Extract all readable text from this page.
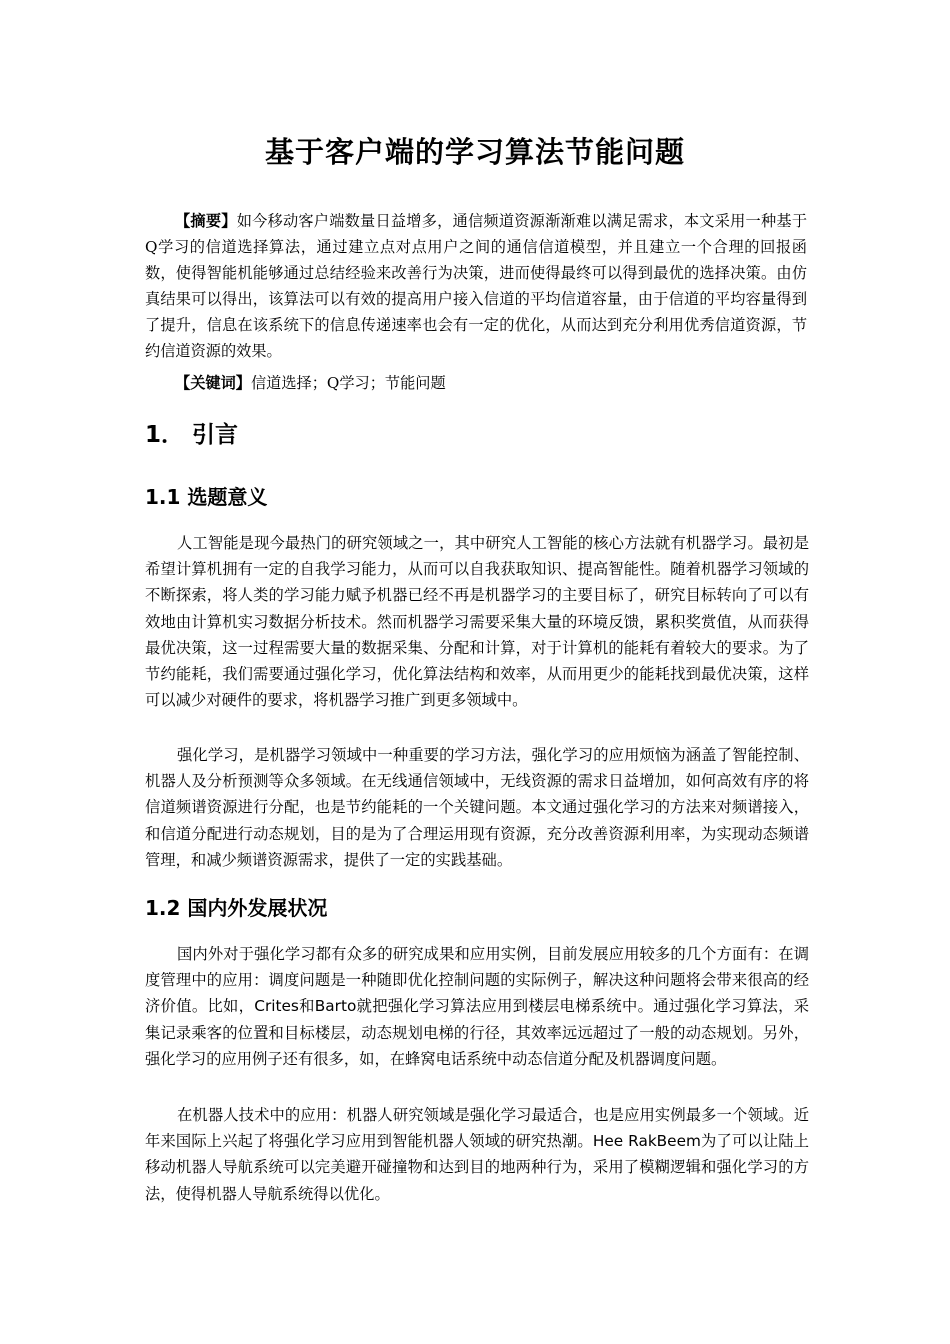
基于客户端的学习算法节能问题

【摘要】如今移动客户端数量日益增多，通信频道资源渐渐难以满足需求，本文采用一种基于Q学习的信道选择算法，通过建立点对点用户之间的通信信道模型，并且建立一个合理的回报函数，使得智能机能够通过总结经验来改善行为决策，进而使得最终可以得到最优的选择决策。由仿真结果可以得出，该算法可以有效的提高用户接入信道的平均信道容量，由于信道的平均容量得到了提升，信息在该系统下的信息传递速率也会有一定的优化，从而达到充分利用优秀信道资源，节约信道资源的效果。

【关键词】信道选择；Q学习；节能问题

1． 引言
1.1 选题意义

人工智能是现今最热门的研究领域之一，其中研究人工智能的核心方法就有机器学习。最初是希望计算机拥有一定的自我学习能力，从而可以自我获取知识、提高智能性。随着机器学习领域的不断探索，将人类的学习能力赋予机器已经不再是机器学习的主要目标了，研究目标转向了可以有效地由计算机实习数据分析技术。然而机器学习需要采集大量的环境反馈，累积奖赏值，从而获得最优决策，这一过程需要大量的数据采集、分配和计算，对于计算机的能耗有着较大的要求。为了节约能耗，我们需要通过强化学习，优化算法结构和效率，从而用更少的能耗找到最优决策，这样可以减少对硬件的要求，将机器学习推广到更多领域中。

强化学习，是机器学习领域中一种重要的学习方法，强化学习的应用烦恼为涵盖了智能控制、机器人及分析预测等众多领域。在无线通信领域中，无线资源的需求日益增加，如何高效有序的将信道频谱资源进行分配，也是节约能耗的一个关键问题。本文通过强化学习的方法来对频谱接入，和信道分配进行动态规划，目的是为了合理运用现有资源，充分改善资源利用率，为实现动态频谱管理，和减少频谱资源需求，提供了一定的实践基础。

1.2 国内外发展状况

国内外对于强化学习都有众多的研究成果和应用实例，目前发展应用较多的几个方面有：在调度管理中的应用：调度问题是一种随即优化控制问题的实际例子，解决这种问题将会带来很高的经济价值。比如，Crites和Barto就把强化学习算法应用到楼层电梯系统中。通过强化学习算法，采集记录乘客的位置和目标楼层，动态规划电梯的行径，其效率远远超过了一般的动态规划。另外，强化学习的应用例子还有很多，如，在蜂窝电话系统中动态信道分配及机器调度问题。

在机器人技术中的应用：机器人研究领域是强化学习最适合，也是应用实例最多一个领域。近年来国际上兴起了将强化学习应用到智能机器人领域的研究热潮。Hee RakBeem为了可以让陆上移动机器人导航系统可以完美避开碰撞物和达到目的地两种行为，采用了模糊逻辑和强化学习的方法，使得机器人导航系统得以优化。
